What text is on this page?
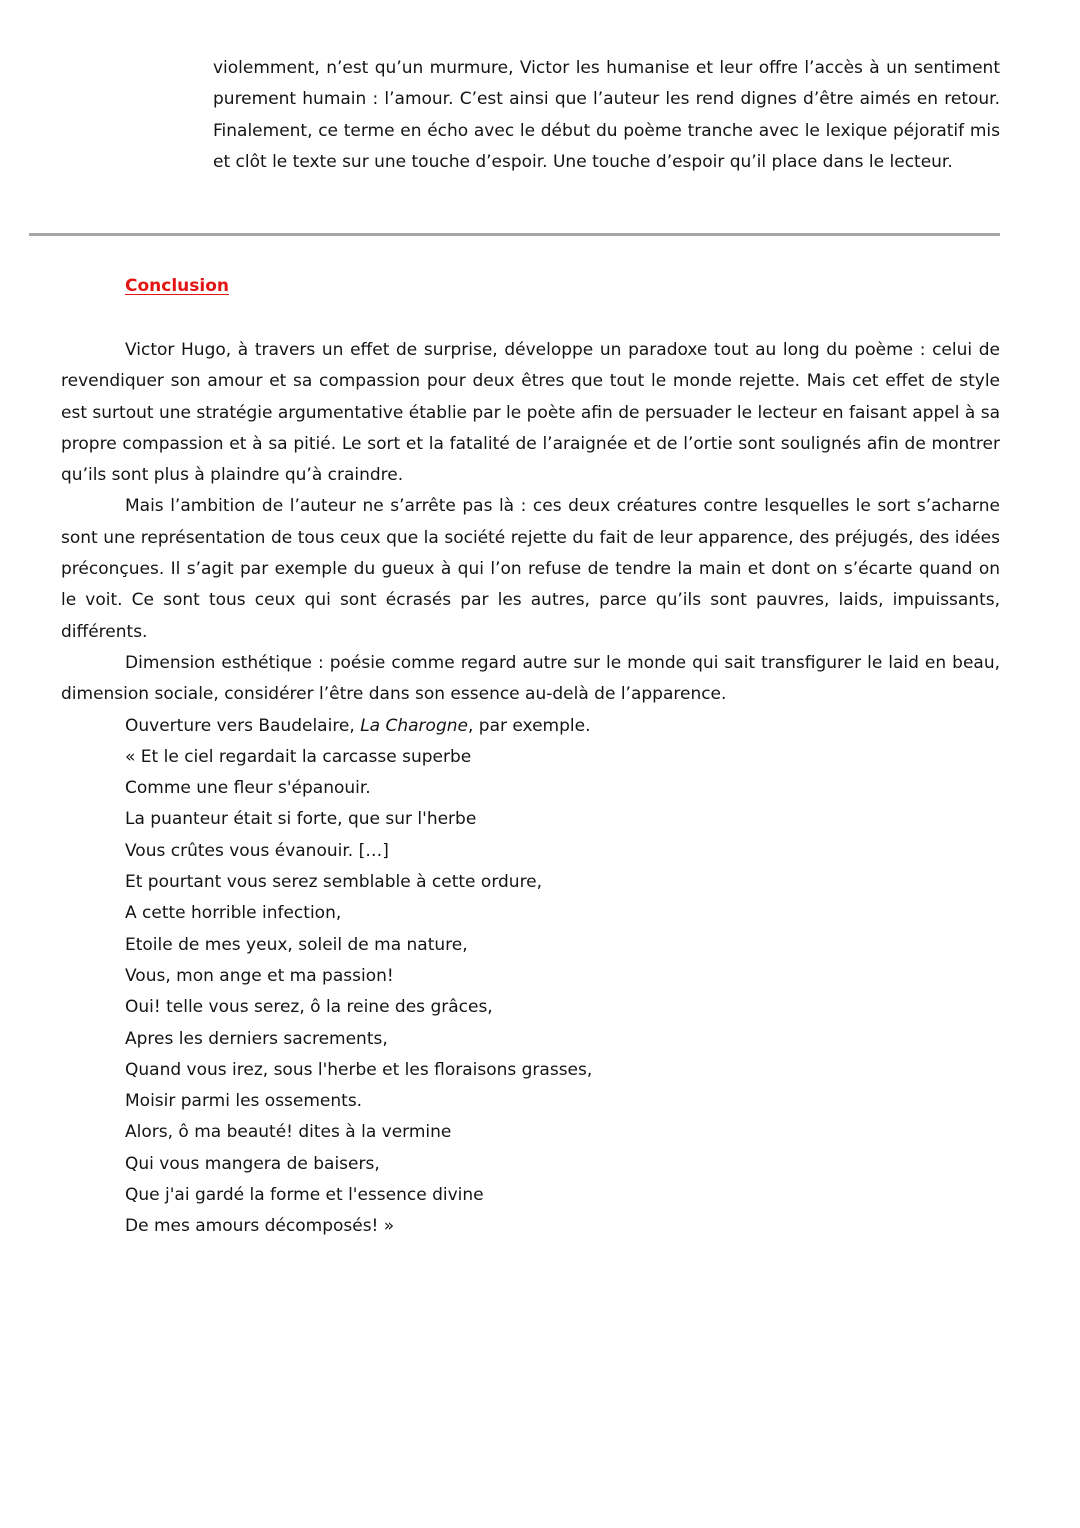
violemment, n’est qu’un murmure, Victor les humanise et leur offre l’accès à un sentiment purement humain : l’amour. C’est ainsi que l’auteur les rend dignes d’être aimés en retour. Finalement, ce terme en écho avec le début du poème tranche avec le lexique péjoratif mis et clôt le texte sur une touche d’espoir. Une touche d’espoir qu’il place dans le lecteur.
Conclusion

Victor Hugo, à travers un effet de surprise, développe un paradoxe tout au long du poème : celui de revendiquer son amour et sa compassion pour deux êtres que tout le monde rejette. Mais cet effet de style est surtout une stratégie argumentative établie par le poète afin de persuader le lecteur en faisant appel à sa propre compassion et à sa pitié. Le sort et la fatalité de l’araignée et de l’ortie sont soulignés afin de montrer qu’ils sont plus à plaindre qu’à craindre.

Mais l’ambition de l’auteur ne s’arrête pas là : ces deux créatures contre lesquelles le sort s’acharne sont une représentation de tous ceux que la société rejette du fait de leur apparence, des préjugés, des idées préconçues. Il s’agit par exemple du gueux à qui l’on refuse de tendre la main et dont on s’écarte quand on le voit. Ce sont tous ceux qui sont écrasés par les autres, parce qu’ils sont pauvres, laids, impuissants, différents.

Dimension esthétique : poésie comme regard autre sur le monde qui sait transfigurer le laid en beau, dimension sociale, considérer l’être dans son essence au-delà de l’apparence.

Ouverture vers Baudelaire, La Charogne, par exemple.

« Et le ciel regardait la carcasse superbe
Comme une fleur s'épanouir.
La puanteur était si forte, que sur l'herbe
Vous crûtes vous évanouir. […]
Et pourtant vous serez semblable à cette ordure,
A cette horrible infection,
Etoile de mes yeux, soleil de ma nature,
Vous, mon ange et ma passion!
Oui! telle vous serez, ô la reine des grâces,
Apres les derniers sacrements,
Quand vous irez, sous l'herbe et les floraisons grasses,
Moisir parmi les ossements.
Alors, ô ma beauté! dites à la vermine
Qui vous mangera de baisers,
Que j'ai gardé la forme et l'essence divine
De mes amours décomposés! »
